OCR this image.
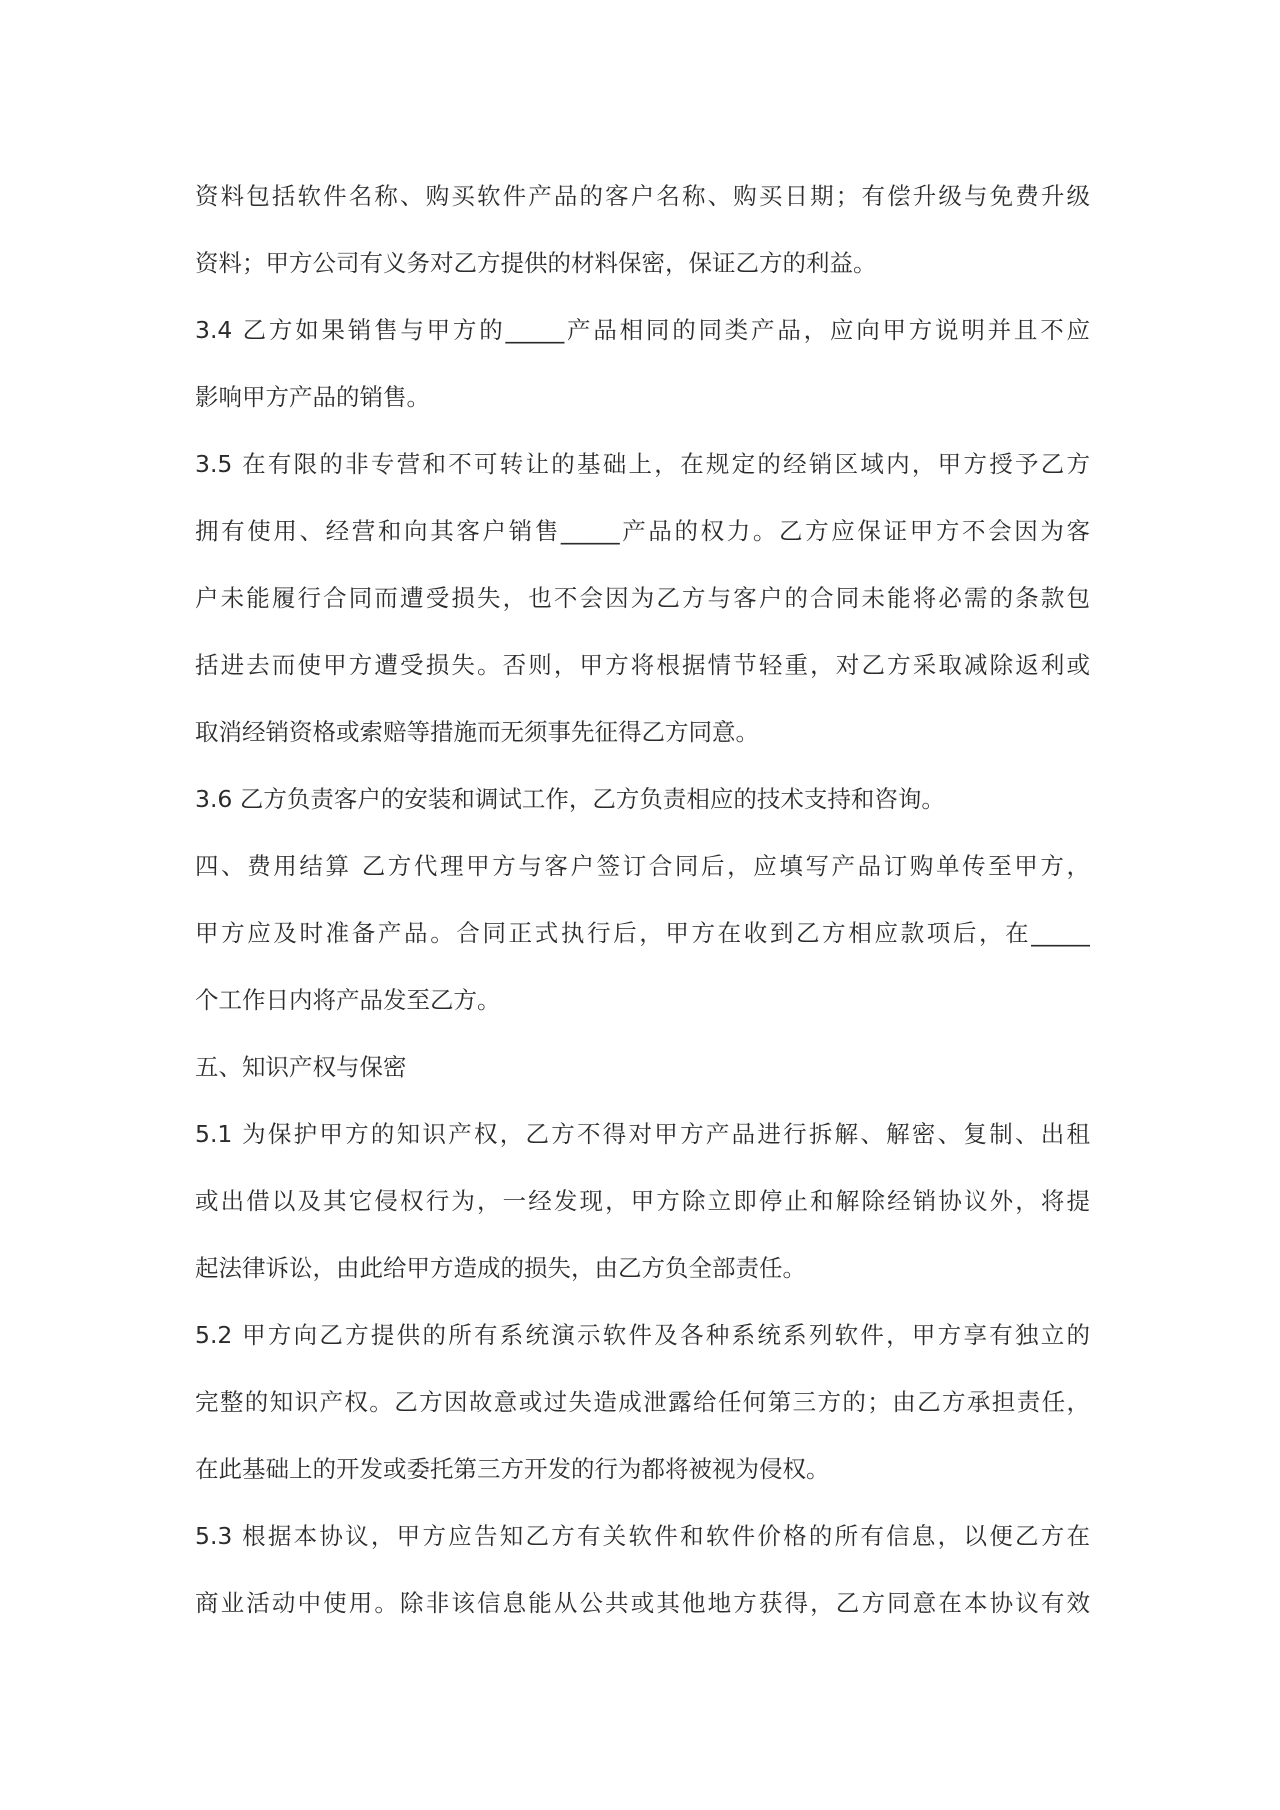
资料包括软件名称、购买软件产品的客户名称、购买日期；有偿升级与免费升级
资料；甲方公司有义务对乙方提供的材料保密，保证乙方的利益。
3.4 乙方如果销售与甲方的_____产品相同的同类产品，应向甲方说明并且不应
影响甲方产品的销售。
3.5 在有限的非专营和不可转让的基础上，在规定的经销区域内，甲方授予乙方
拥有使用、经营和向其客户销售_____产品的权力。乙方应保证甲方不会因为客
户未能履行合同而遭受损失，也不会因为乙方与客户的合同未能将必需的条款包
括进去而使甲方遭受损失。否则，甲方将根据情节轻重，对乙方采取减除返利或
取消经销资格或索赔等措施而无须事先征得乙方同意。
3.6 乙方负责客户的安装和调试工作，乙方负责相应的技术支持和咨询。
四、费用结算 乙方代理甲方与客户签订合同后，应填写产品订购单传至甲方，
甲方应及时准备产品。合同正式执行后，甲方在收到乙方相应款项后，在_____
个工作日内将产品发至乙方。
五、知识产权与保密
5.1 为保护甲方的知识产权，乙方不得对甲方产品进行拆解、解密、复制、出租
或出借以及其它侵权行为，一经发现，甲方除立即停止和解除经销协议外，将提
起法律诉讼，由此给甲方造成的损失，由乙方负全部责任。
5.2 甲方向乙方提供的所有系统演示软件及各种系统系列软件，甲方享有独立的
完整的知识产权。乙方因故意或过失造成泄露给任何第三方的；由乙方承担责任，
在此基础上的开发或委托第三方开发的行为都将被视为侵权。
5.3 根据本协议，甲方应告知乙方有关软件和软件价格的所有信息，以便乙方在
商业活动中使用。除非该信息能从公共或其他地方获得，乙方同意在本协议有效
